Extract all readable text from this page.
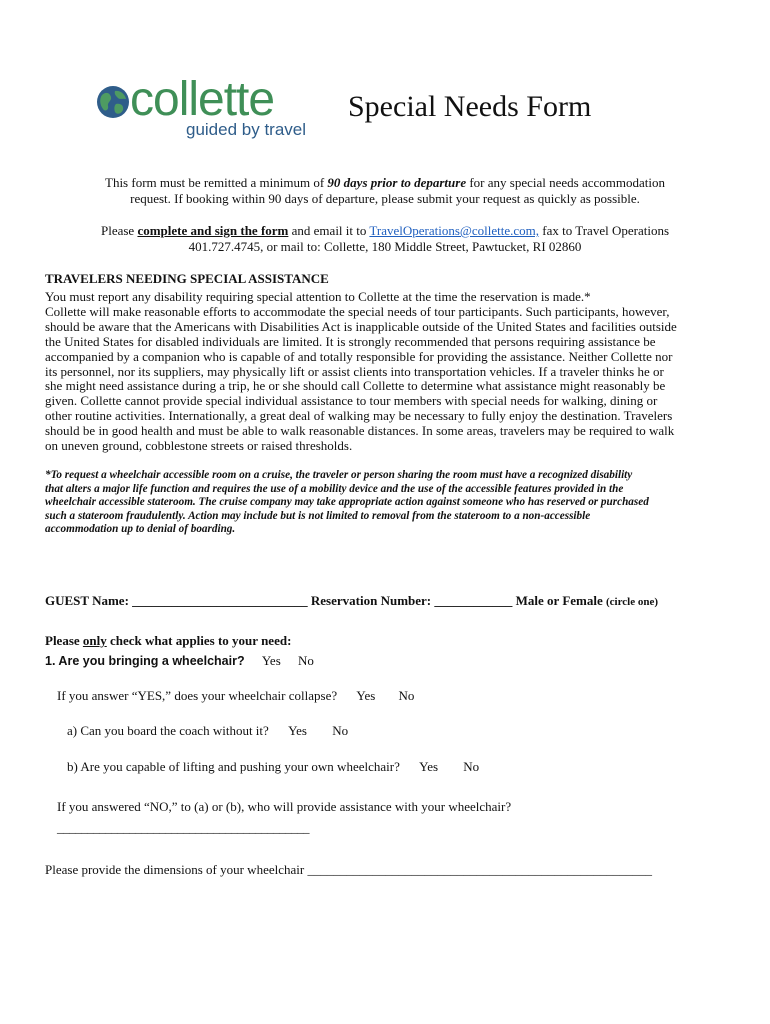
collette
guided by travel
Special Needs Form
This form must be remitted a minimum of 90 days prior to departure for any special needs accommodation
request. If booking within 90 days of departure, please submit your request as quickly as possible.
Please complete and sign the form and email it to TravelOperations@collette.com, fax to Travel Operations
401.727.4745, or mail to: Collette, 180 Middle Street, Pawtucket, RI 02860
TRAVELERS NEEDING SPECIAL ASSISTANCE
You must report any disability requiring special attention to Collette at the time the reservation is made.*
Collette will make reasonable efforts to accommodate the special needs of tour participants. Such participants, however,
should be aware that the Americans with Disabilities Act is inapplicable outside of the United States and facilities outside
the United States for disabled individuals are limited. It is strongly recommended that persons requiring assistance be
accompanied by a companion who is capable of and totally responsible for providing the assistance. Neither Collette nor
its personnel, nor its suppliers, may physically lift or assist clients into transportation vehicles. If a traveler thinks he or
she might need assistance during a trip, he or she should call Collette to determine what assistance might reasonably be
given. Collette cannot provide special individual assistance to tour members with special needs for walking, dining or
other routine activities. Internationally, a great deal of walking may be necessary to fully enjoy the destination. Travelers
should be in good health and must be able to walk reasonable distances. In some areas, travelers may be required to walk
on uneven ground, cobblestone streets or raised thresholds.
*To request a wheelchair accessible room on a cruise, the traveler or person sharing the room must have a recognized disability
that alters a major life function and requires the use of a mobility device and the use of the accessible features provided in the
wheelchair accessible stateroom. The cruise company may take appropriate action against someone who has reserved or purchased
such a stateroom fraudulently. Action may include but is not limited to removal from the stateroom to a non-accessible
accommodation up to denial of boarding.
GUEST Name: ___________________________ Reservation Number: ____________ Male or Female (circle one)
Please only check what applies to your need:
1. Are you bringing a wheelchair? Yes No
If you answer “YES,” does your wheelchair collapse? Yes No
a) Can you board the coach without it? Yes No
b) Are you capable of lifting and pushing your own wheelchair? Yes No
If you answered “NO,” to (a) or (b), who will provide assistance with your wheelchair?
__________________________________________
Please provide the dimensions of your wheelchair _____________________________________________________
